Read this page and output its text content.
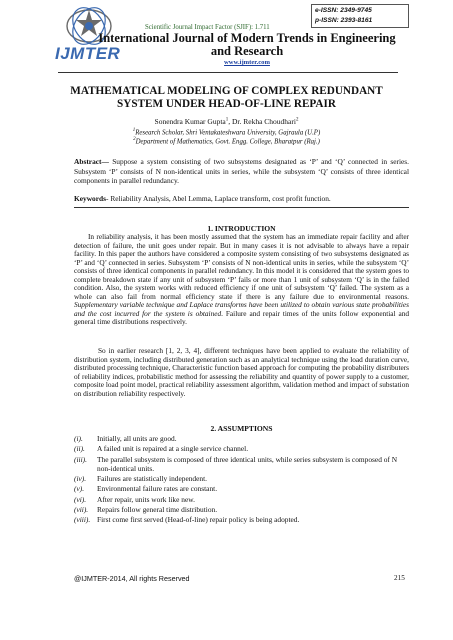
IJMTER
e-ISSN: 2349-9745
p-ISSN: 2393-8161
Scientific Journal Impact Factor (SJIF): 1.711
International Journal of Modern Trends in Engineering
and Research
www.ijmter.com
MATHEMATICAL MODELING OF COMPLEX REDUNDANT
SYSTEM UNDER HEAD-OF-LINE REPAIR
Sonendra Kumar Gupta$^1$, Dr. Rekha Choudhari$^2$
$^1$Research Scholar, Shri Ventakateshwara University, Gajraula (U.P)
$^2$Department of Mathematics, Govt. Engg. College, Bharatpur (Raj.)
Abstract— Suppose a system consisting of two subsystems designated as ‘P’ and ‘Q’ connected in series. Subsystem ‘P’ consists of N non-identical units in series, while the subsystem ‘Q’ consists of three identical components in parallel redundancy.
Keywords- Reliability Analysis, Abel Lemma, Laplace transform, cost profit function.
1. INTRODUCTION
In reliability analysis, it has been mostly assumed that the system has an immediate repair facility and after detection of failure, the unit goes under repair. But in many cases it is not advisable to always have a repair facility. In this paper the authors have considered a composite system consisting of two subsystems designated as ‘P’ and ‘Q’ connected in series. Subsystem ‘P’ consists of N non-identical units in series, while the subsystem ‘Q’ consists of three identical components in parallel redundancy. In this model it is considered that the system goes to complete breakdown state if any unit of subsystem ‘P’ fails or more than 1 unit of subsystem ‘Q’ is in the failed condition. Also, the system works with reduced efficiency if one unit of subsystem ‘Q’ failed. The system as a whole can also fail from normal efficiency state if there is any failure due to environmental reasons. Supplementary variable technique and Laplace transforms have been utilized to obtain various state probabilities and the cost incurred for the system is obtained. Failure and repair times of the units follow exponential and general time distributions respectively.
So in earlier research [1, 2, 3, 4], different techniques have been applied to evaluate the reliability of distribution system, including distributed generation such as an analytical technique using the load duration curve, distributed processing technique, Characteristic function based approach for computing the probability distributers of reliability indices, probabilistic method for assessing the reliability and quantity of power supply to a customer, composite load point model, practical reliability assessment algorithm, validation method and impact of substation on distribution reliability respectively.
2. ASSUMPTIONS
(i).	Initially, all units are good.
(ii).	A failed unit is repaired at a single service channel.
(iii).	The parallel subsystem is composed of three identical units, while series subsystem is composed of N non-identical units.
(iv).	Failures are statistically independent.
(v).	Environmental failure rates are constant.
(vi).	After repair, units work like new.
(vii).	Repairs follow general time distribution.
(viii). First come first served (Head-of-line) repair policy is being adopted.
@IJMTER-2014, All rights Reserved	215
